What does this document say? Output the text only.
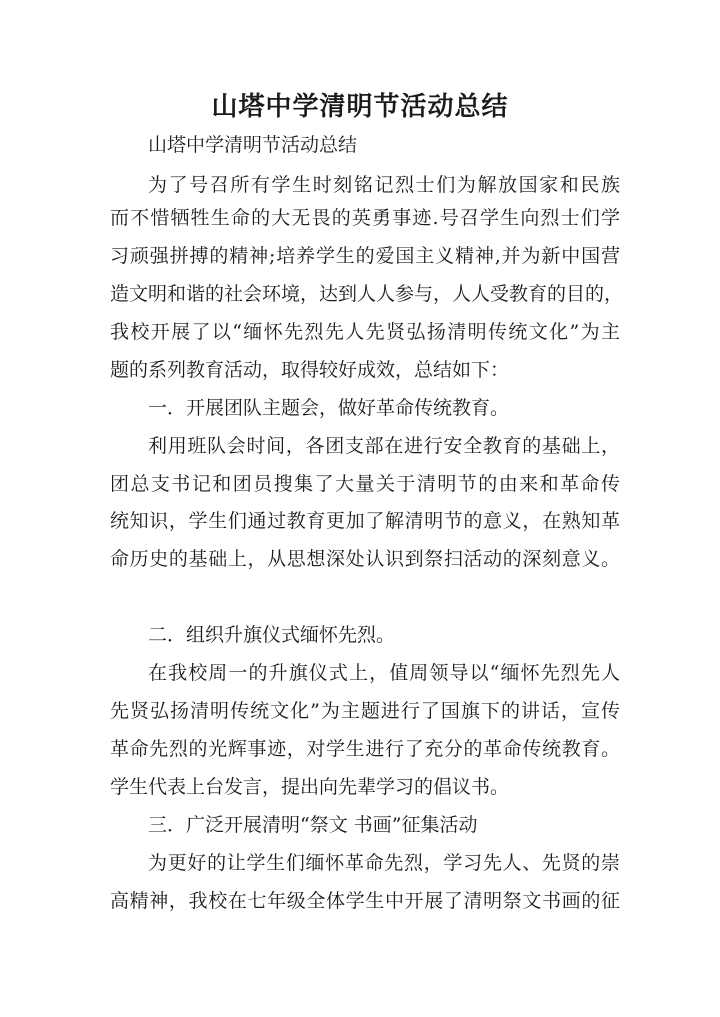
山塔中学清明节活动总结

山塔中学清明节活动总结

为了号召所有学生时刻铭记烈士们为解放国家和民族

而不惜牺牲生命的大无畏的英勇事迹.号召学生向烈士们学

习顽强拼搏的精神;培养学生的爱国主义精神,并为新中国营

造文明和谐的社会环境，达到人人参与，人人受教育的目的，

我校开展了以“缅怀先烈先人先贤弘扬清明传统文化”为主

题的系列教育活动，取得较好成效，总结如下：

一．开展团队主题会，做好革命传统教育。

利用班队会时间，各团支部在进行安全教育的基础上，

团总支书记和团员搜集了大量关于清明节的由来和革命传

统知识，学生们通过教育更加了解清明节的意义，在熟知革

命历史的基础上，从思想深处认识到祭扫活动的深刻意义。

二．组织升旗仪式缅怀先烈。

在我校周一的升旗仪式上，值周领导以“缅怀先烈先人

先贤弘扬清明传统文化”为主题进行了国旗下的讲话，宣传

革命先烈的光辉事迹，对学生进行了充分的革命传统教育。

学生代表上台发言，提出向先辈学习的倡议书。

三．广泛开展清明“祭文 书画”征集活动

为更好的让学生们缅怀革命先烈，学习先人、先贤的崇

高精神，我校在七年级全体学生中开展了清明祭文书画的征
